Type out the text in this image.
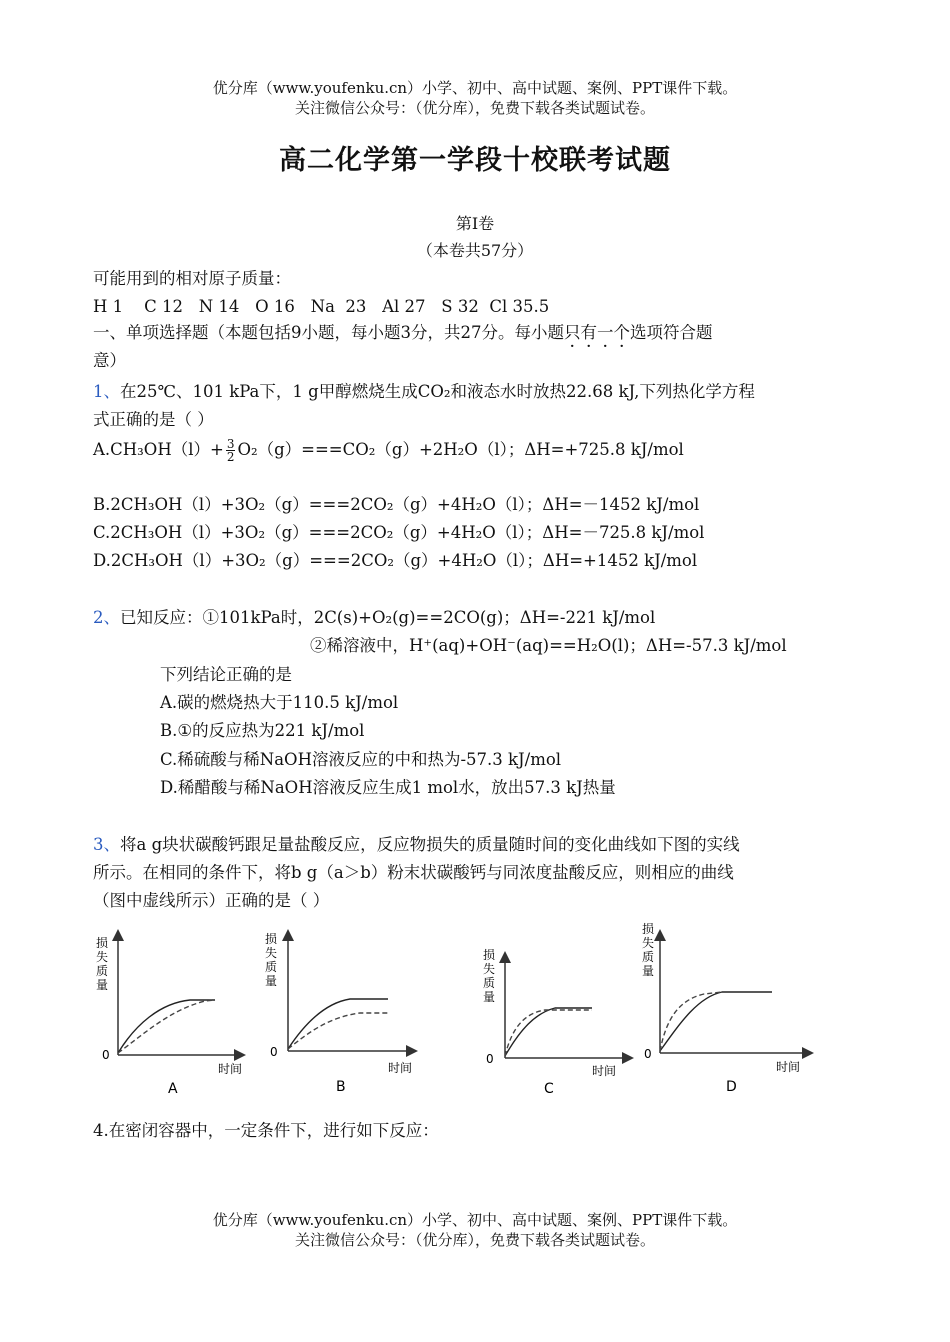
优分库（www.youfenku.cn）小学、初中、高中试题、案例、PPT课件下载。
关注微信公众号：（优分库），免费下载各类试题试卷。
高二化学第一学段十校联考试题
第I卷
（本卷共57分）
可能用到的相对原子质量：
H 1    C 12   N 14   O 16   Na  23   Al 27   S 32  Cl 35.5
一、单项选择题（本题包括9小题，每小题3分，共27分。每小题只有一个选项符合题
意）
1、在25℃、101 kPa下，1 g甲醇燃烧生成CO₂和液态水时放热22.68 kJ,下列热化学方程
式正确的是（ ）
$A.CH_3OH(l)+ \frac{3}{2} O_2(g)===CO_2(g)+2H_2O(l)$；ΔH=+725.8 kJ/mol
B.2CH₃OH（l）+3O₂（g）===2CO₂（g）+4H₂O（l）；ΔH=－1452 kJ/mol
C.2CH₃OH（l）+3O₂（g）===2CO₂（g）+4H₂O（l）；ΔH=－725.8 kJ/mol
D.2CH₃OH（l）+3O₂（g）===2CO₂（g）+4H₂O（l）；ΔH=+1452 kJ/mol
2、已知反应：①101kPa时，2C(s)+O₂(g)==2CO(g)；ΔH=-221 kJ/mol
②稀溶液中，H⁺(aq)+OH⁻(aq)==H₂O(l)；ΔH=-57.3 kJ/mol
下列结论正确的是
A.碳的燃烧热大于110.5 kJ/mol
B.①的反应热为221 kJ/mol
C.稀硫酸与稀NaOH溶液反应的中和热为-57.3 kJ/mol
D.稀醋酸与稀NaOH溶液反应生成1 mol水，放出57.3 kJ热量
3、将a g块状碳酸钙跟足量盐酸反应，反应物损失的质量随时间的变化曲线如下图的实线
所示。在相同的条件下，将b g（a＞b）粉末状碳酸钙与同浓度盐酸反应，则相应的曲线
（图中虚线所示）正确的是（ ）
损
失
质
量
0
时间
A
损
失
质
量
0
时间
B
损
失
质
量
0
时间
C
损
失
质
量
0
时间
D
4.在密闭容器中，一定条件下，进行如下反应：
优分库（www.youfenku.cn）小学、初中、高中试题、案例、PPT课件下载。
关注微信公众号：（优分库），免费下载各类试题试卷。
